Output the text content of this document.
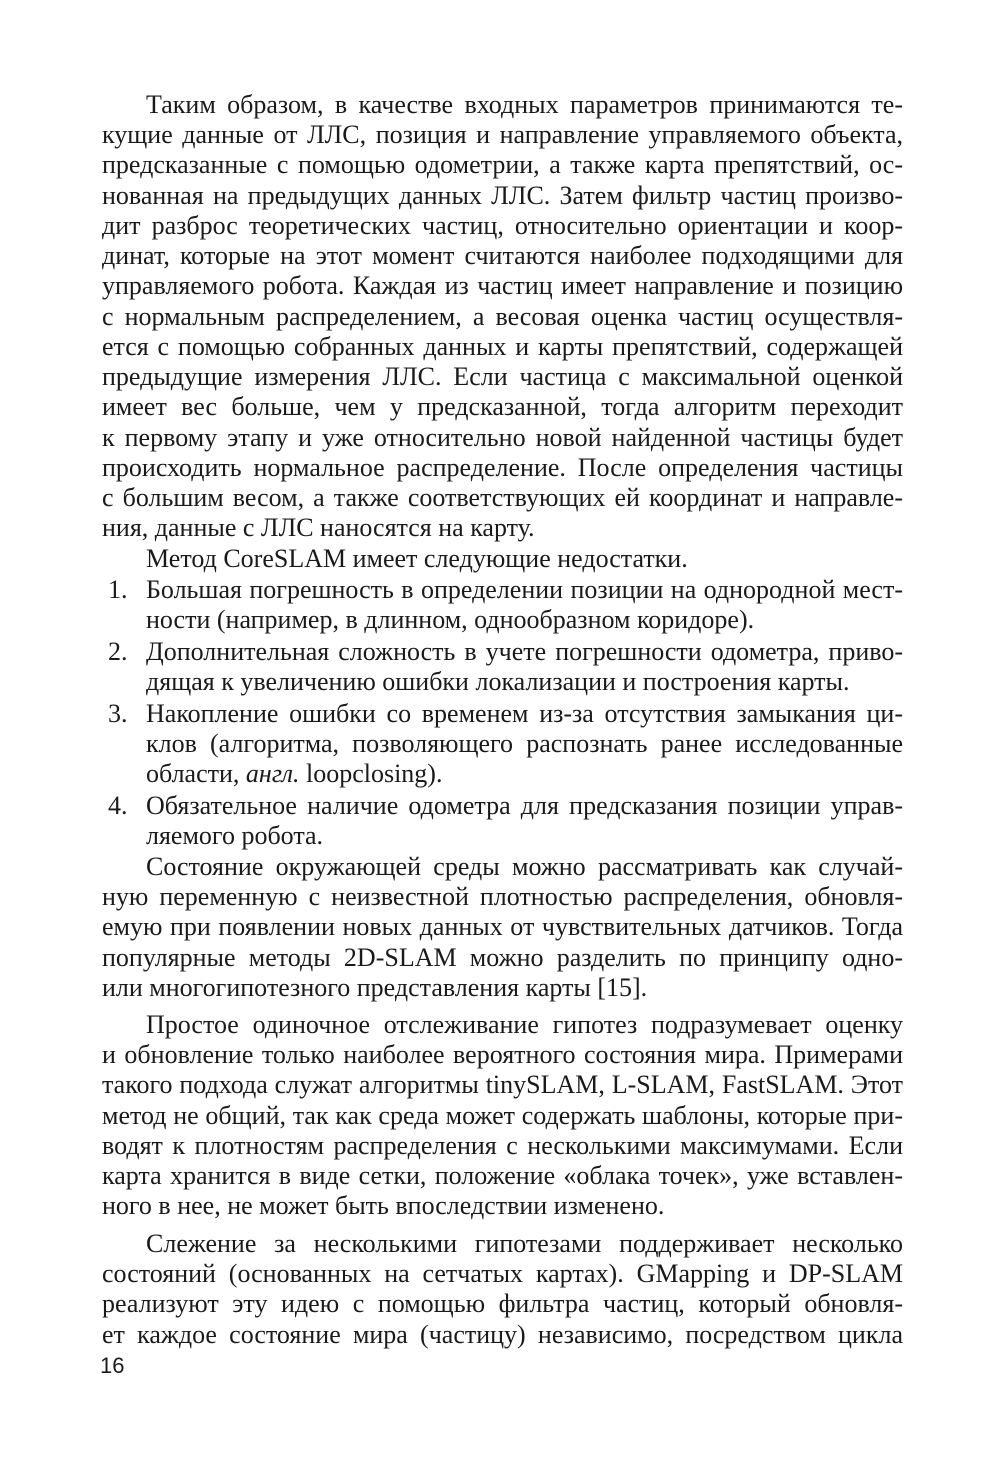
Таким образом, в качестве входных параметров принимаются те-
кущие данные от ЛЛС, позиция и направление управляемого объекта,
предсказанные с помощью одометрии, а также карта препятствий, ос-
нованная на предыдущих данных ЛЛС. Затем фильтр частиц произво-
дит разброс теоретических частиц, относительно ориентации и коор-
динат, которые на этот момент считаются наиболее подходящими для
управляемого робота. Каждая из частиц имеет направление и позицию
с нормальным распределением, а весовая оценка частиц осуществля-
ется с помощью собранных данных и карты препятствий, содержащей
предыдущие измерения ЛЛС. Если частица с максимальной оценкой
имеет вес больше, чем у предсказанной, тогда алгоритм переходит
к первому этапу и уже относительно новой найденной частицы будет
происходить нормальное распределение. После определения частицы
с большим весом, а также соответствующих ей координат и направле-
ния, данные с ЛЛС наносятся на карту.
Метод CoreSLAM имеет следующие недостатки.
1. Большая погрешность в определении позиции на однородной мест-
ности (например, в длинном, однообразном коридоре).
2. Дополнительная сложность в учете погрешности одометра, приво-
дящая к увеличению ошибки локализации и построения карты.
3. Накопление ошибки со временем из-за отсутствия замыкания ци-
клов (алгоритма, позволяющего распознать ранее исследованные
области, англ. loopclosing).
4. Обязательное наличие одометра для предсказания позиции управ-
ляемого робота.
Состояние окружающей среды можно рассматривать как случай-
ную переменную с неизвестной плотностью распределения, обновля-
емую при появлении новых данных от чувствительных датчиков. Тогда
популярные методы 2D-SLAM можно разделить по принципу одно-
или многогипотезного представления карты [15].
Простое одиночное отслеживание гипотез подразумевает оценку
и обновление только наиболее вероятного состояния мира. Примерами
такого подхода служат алгоритмы tinySLAM, L-SLAM, FastSLAM. Этот
метод не общий, так как среда может содержать шаблоны, которые при-
водят к плотностям распределения с несколькими максимумами. Если
карта хранится в виде сетки, положение «облака точек», уже вставлен-
ного в нее, не может быть впоследствии изменено.
Слежение за несколькими гипотезами поддерживает несколько
состояний (основанных на сетчатых картах). GMapping и DP-SLAM
реализуют эту идею с помощью фильтра частиц, который обновля-
ет каждое состояние мира (частицу) независимо, посредством цикла
16
